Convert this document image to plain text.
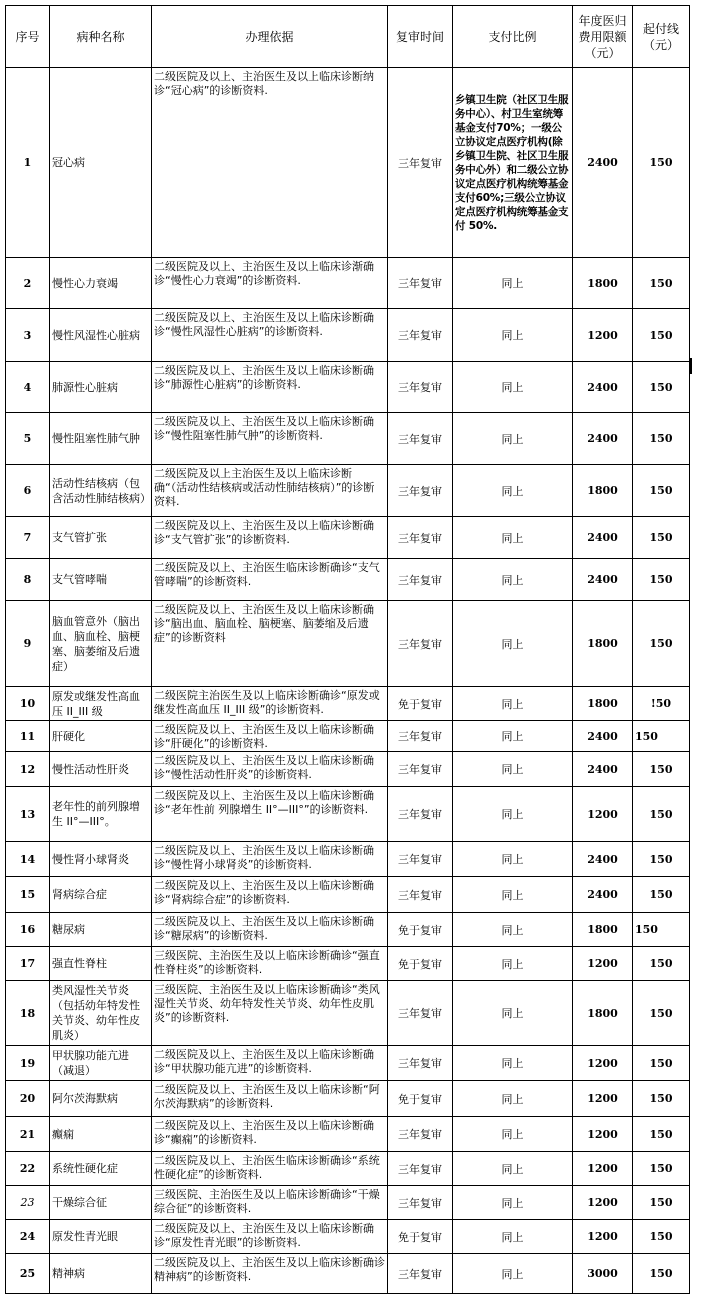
序号	病种名称	办理依据	复审时间	支付比例	年度医归费用限额（元）	起付线（元）
1	冠心病	二级医院及以上、主治医生及以上临床诊断纳诊“冠心病”的诊断资料.	三年复审	乡镇卫生院（社区卫生服务中心）、村卫生室统筹基金支付70%；一级公立协议定点医疗机构(除乡镇卫生院、社区卫生服务中心外）和二级公立协议定点医疗机构统筹基金支付60%;三级公立协议定点医疗机构统筹基金支付 50%.	2400	150
2	慢性心力衰竭	二级医院及以上、主治医生及以上临床诊渐确诊“慢性心力衰竭”的诊断资料.	三年复审	同上	1800	150
3	慢性风湿性心脏病	二级医院及以上、主治医生及以上临床诊断确诊“慢性风湿性心脏病”的诊断资料.	三年复审	同上	1200	150
4	肺源性心脏病	二级医院及以上、主治医生及以上临床诊断确诊“肺源性心脏病”的诊断资料.	三年复审	同上	2400	150
5	慢性阻塞性肺气肿	二级医院及以上、主治医生及以上临床诊断确诊“慢性阻塞性肺气肿”的诊断资料.	三年复审	同上	2400	150
6	活动性结核病（包含活动性肺结核病）	二级医院及以上主治医生及以上临床诊断确“（活动性结核病或活动性肺结核病）”的诊断资料.	三年复审	同上	1800	150
7	支气管扩张	二级医院及以上、主治医生及以上临床诊断确诊“支气管扩张”的诊断资料.	三年复审	同上	2400	150
8	支气管哮喘	二级医院及以上、主治医生临床诊断确诊“支气管哮喘”的诊断资料.	三年复审	同上	2400	150
9	脑血管意外（脑出血、脑血栓、脑梗塞、脑萎缩及后遗症）	二级医院及以上、主治医生及以上临床诊断确诊“脑出血、脑血栓、脑梗塞、脑萎缩及后遗症”的诊断资料	三年复审	同上	1800	150
10	原发或继发性高血压 II_III 级	二级医院主治医生及以上临床诊断确诊“原发或继发性高血压 II_III 级”的诊断资料.	免于复审	同上	1800	!50
11	肝硬化	二级医院及以上、主治医生及以上临床诊断确诊“肝硬化”的诊断资料.	三年复审	同上	2400	150
12	慢性活动性肝炎	二级医院及以上、主治医生及以上临床诊断确诊“慢性活动性肝炎”的诊断资料.	三年复审	同上	2400	150
13	老年性的前列腺增生 II°—III°。	二级医院及以上、主治医生及以上临床诊断确诊“老年性前 列腺增生 II°—III°”的诊断资料.	三年复审	同上	1200	150
14	慢性肾小球肾炎	二级医院及以上、主治医生及以上临床诊断确诊“慢性肾小球肾炎”的诊断资料.	三年复审	同上	2400	150
15	肾病综合症	二级医院及以上、主治医生及以上临床诊断确诊“肾病综合症”的诊断资料.	三年复审	同上	2400	150
16	糖尿病	二级医院及以上、主治医生及以上临床诊断确诊“糖尿病”的诊断资料.	免于复审	同上	1800	150
17	强直性脊柱	三级医院、主治医生及以上临床诊断确诊“强直性脊柱炎”的诊断资料.	免于复审	同上	1200	150
18	类风湿性关节炎（包括幼年特发性关节炎、幼年性皮肌炎）	三级医院、主治医生及以上临床诊断确诊“类风湿性关节炎、幼年特发性关节炎、幼年性皮肌炎”的诊断资料.	三年复审	同上	1800	150
19	甲状腺功能亢进（减退）	二级医院及以上、主治医生及以上临床诊断确诊“甲状腺功能亢进”的诊断资料.	三年复审	同上	1200	150
20	阿尔茨海默病	二级医院及以上、主治医生及以上临床诊断“阿尔茨海默病”的诊断资料.	免于复审	同上	1200	150
21	癫痫	二级医院及以上、主治医生及以上临床诊断确诊“癫痫”的诊断资料.	三年复审	同上	1200	150
22	系统性硬化症	二级医院及以上、主治医生临床诊断确诊“系统性硬化症”的诊断资料.	三年复审	同上	1200	150
23	干燥综合征	三级医院、主治医生及以上临床诊断确诊“干燥综合征”的诊断资料.	三年复审	同上	1200	150
24	原发性青光眼	二级医院及以上、主治医生及以上临床诊断确诊“原发性青光眼”的诊断资料.	免于复审	同上	1200	150
25	精神病	二级医院及以上、主治医生及以上临床诊断确诊精神病”的诊断资料.	三年复审	同上	3000	150
